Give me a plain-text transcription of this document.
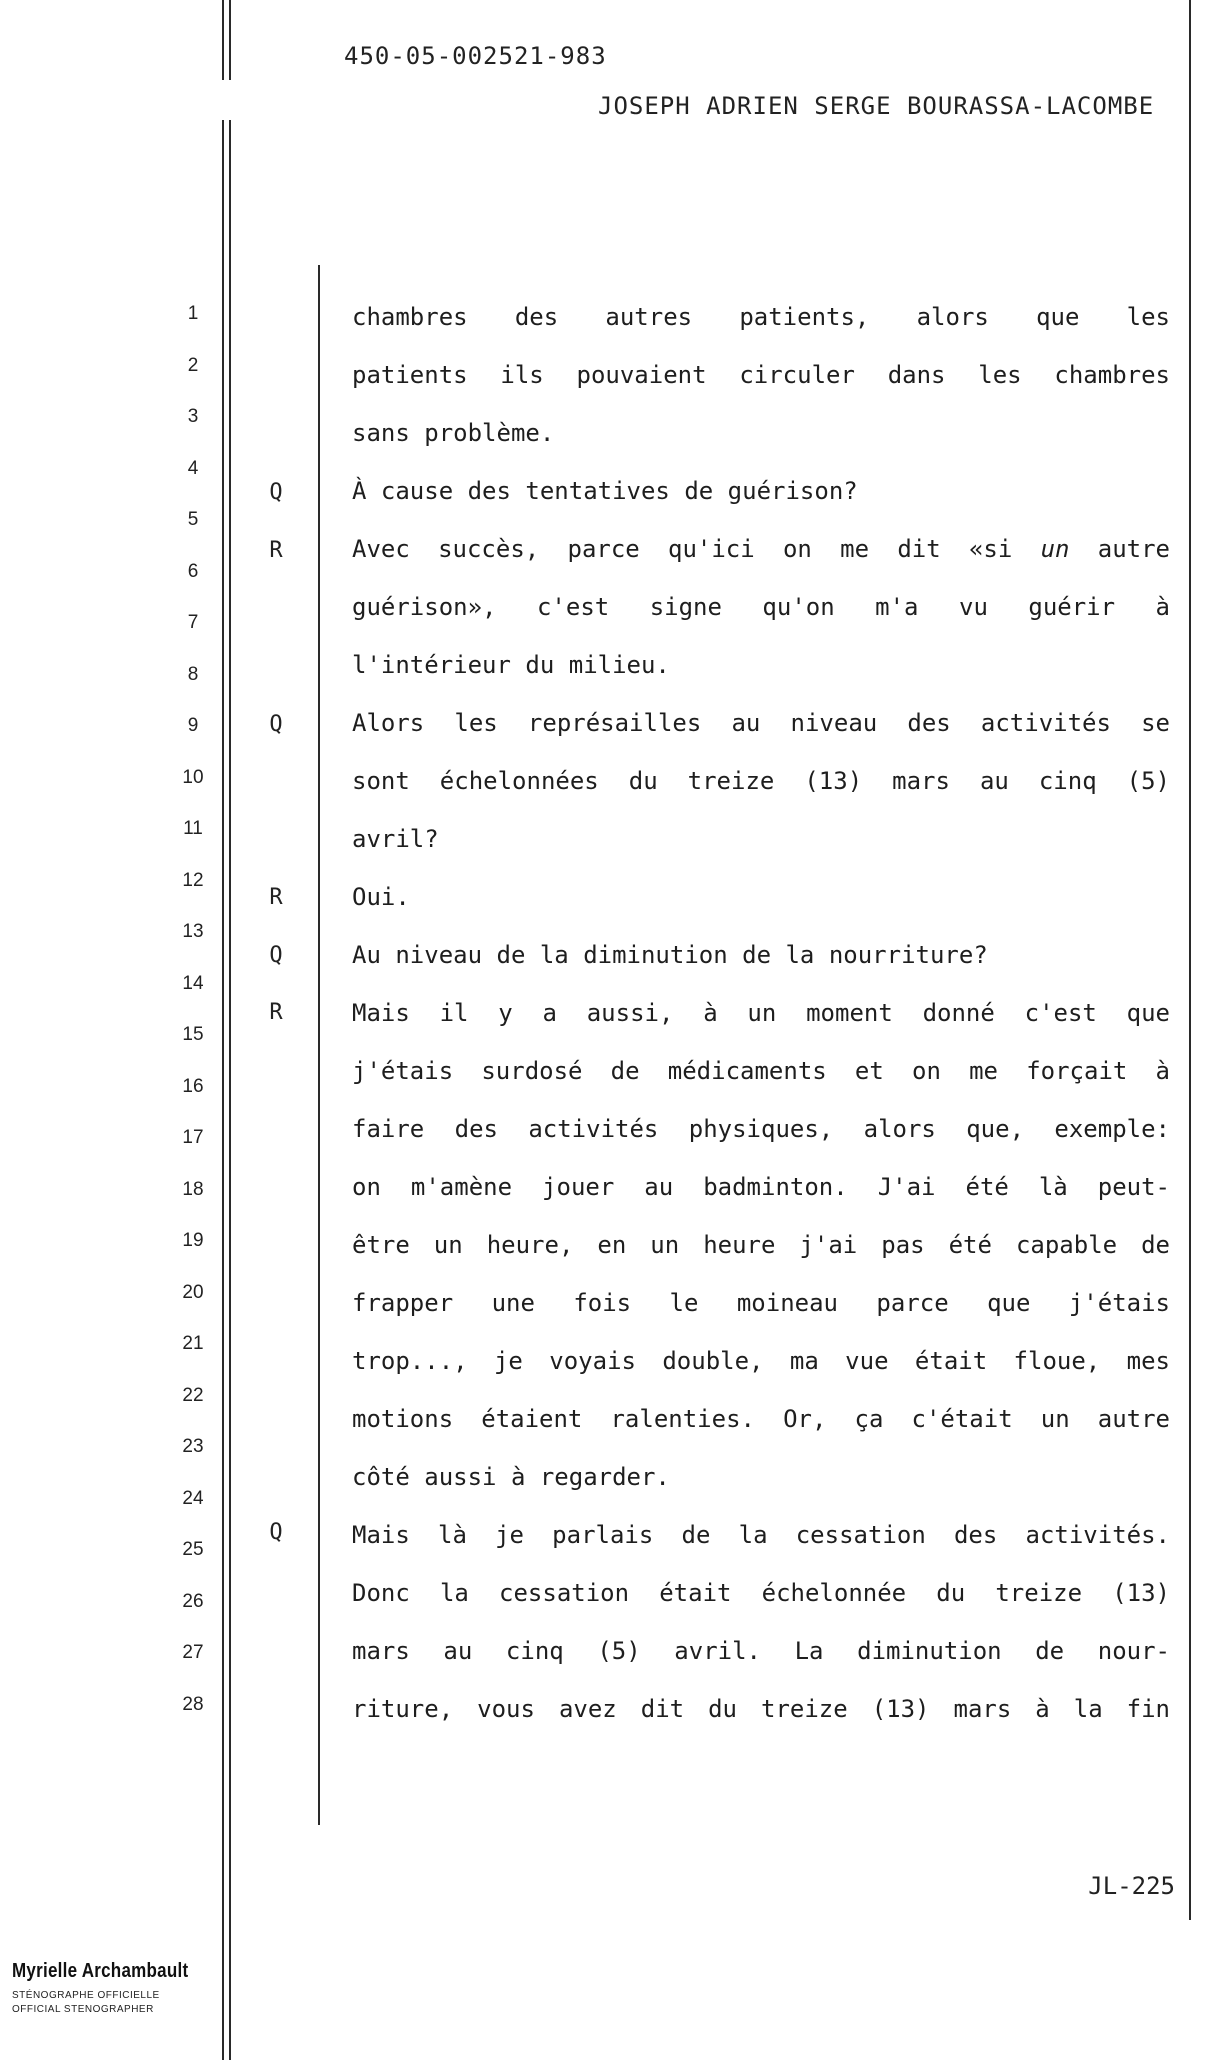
450-05-002521-983
JOSEPH ADRIEN SERGE BOURASSA-LACOMBE
1
2
3
4
5
6
7
8
9
10
11
12
13
14
15
16
17
18
19
20
21
22
23
24
25
26
27
28
Q
R
Q
R
Q
R
Q
chambres des autres patients, alors que les
patients ils pouvaient circuler dans les chambres
sans problème.
À cause des tentatives de guérison?
Avec succès, parce qu'ici on me dit «si un autre
guérison», c'est signe qu'on m'a vu guérir à
l'intérieur du milieu.
Alors les représailles au niveau des activités se
sont échelonnées du treize (13) mars au cinq (5)
avril?
Oui.
Au niveau de la diminution de la nourriture?
Mais il y a aussi, à un moment donné c'est que
j'étais surdosé de médicaments et on me forçait à
faire des activités physiques, alors que, exemple:
on m'amène jouer au badminton. J'ai été là peut-
être un heure, en un heure j'ai pas été capable de
frapper une fois le moineau parce que j'étais
trop..., je voyais double, ma vue était floue, mes
motions étaient ralenties. Or, ça c'était un autre
côté aussi à regarder.
Mais là je parlais de la cessation des activités.
Donc la cessation était échelonnée du treize (13)
mars au cinq (5) avril. La diminution de nour-
riture, vous avez dit du treize (13) mars à la fin
JL-225
Myrielle Archambault
STÉNOGRAPHE OFFICIELLE
OFFICIAL STENOGRAPHER
